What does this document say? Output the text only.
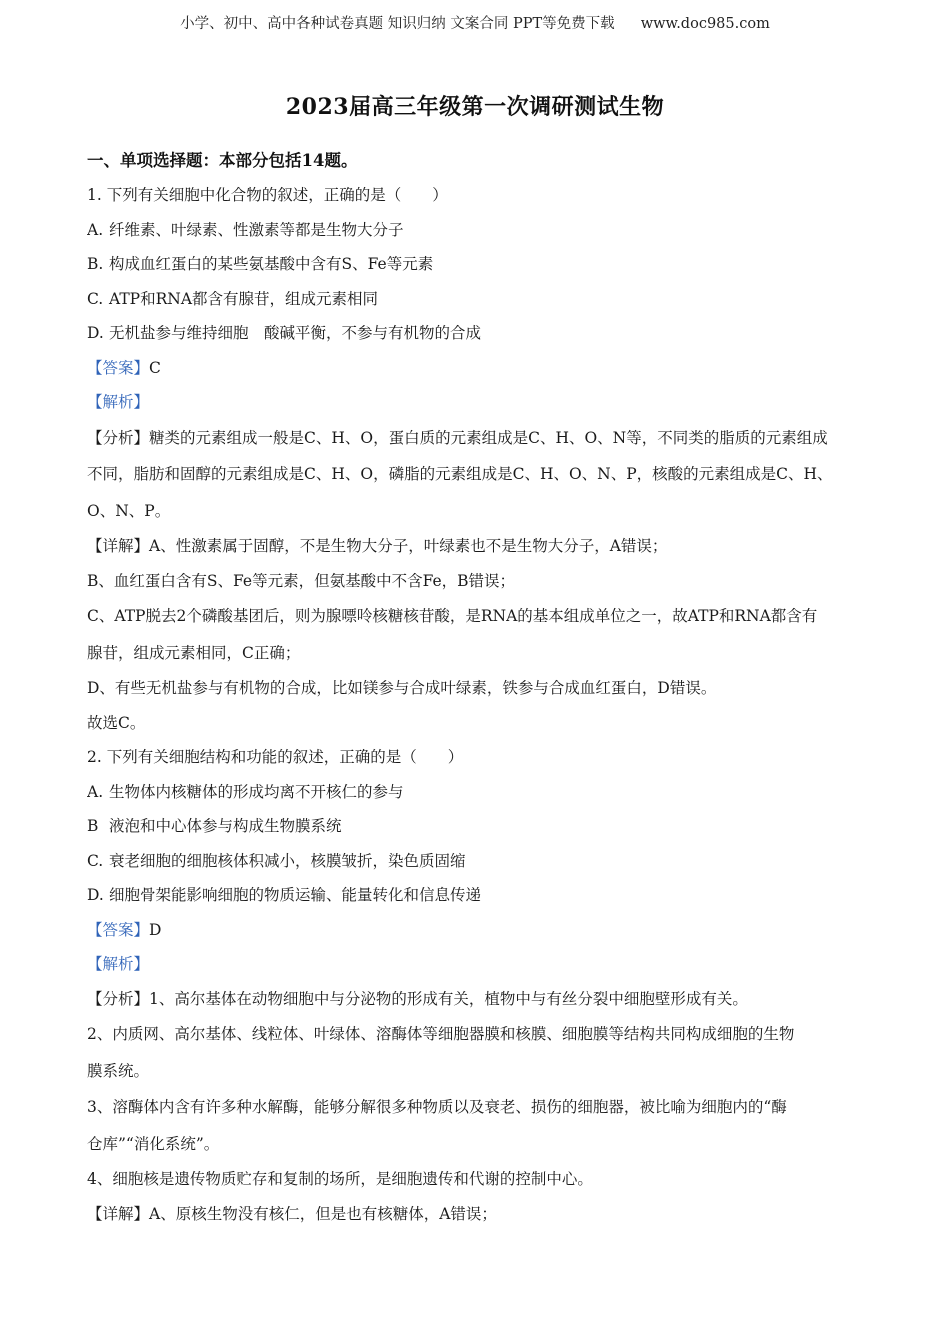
小学、初中、高中各种试卷真题 知识归纳 文案合同 PPT等免费下载 www.doc985.com
2023届高三年级第一次调研测试生物
一、单项选择题：本部分包括14题。
1. 下列有关细胞中化合物的叙述，正确的是（　　）
A. 纤维素、叶绿素、性激素等都是生物大分子
B. 构成血红蛋白的某些氨基酸中含有S、Fe等元素
C. ATP和RNA都含有腺苷，组成元素相同
D. 无机盐参与维持细胞　酸碱平衡，不参与有机物的合成
【答案】C
【解析】
【分析】糖类的元素组成一般是C、H、O，蛋白质的元素组成是C、H、O、N等，不同类的脂质的元素组成
不同，脂肪和固醇的元素组成是C、H、O，磷脂的元素组成是C、H、O、N、P，核酸的元素组成是C、H、
O、N、P。
【详解】A、性激素属于固醇，不是生物大分子，叶绿素也不是生物大分子，A错误；
B、血红蛋白含有S、Fe等元素，但氨基酸中不含Fe，B错误；
C、ATP脱去2个磷酸基团后，则为腺嘌呤核糖核苷酸，是RNA的基本组成单位之一，故ATP和RNA都含有
腺苷，组成元素相同，C正确；
D、有些无机盐参与有机物的合成，比如镁参与合成叶绿素，铁参与合成血红蛋白，D错误。
故选C。
2. 下列有关细胞结构和功能的叙述，正确的是（　　）
A. 生物体内核糖体的形成均离不开核仁的参与
B 液泡和中心体参与构成生物膜系统
C. 衰老细胞的细胞核体积减小，核膜皱折，染色质固缩
D. 细胞骨架能影响细胞的物质运输、能量转化和信息传递
【答案】D
【解析】
【分析】1、高尔基体在动物细胞中与分泌物的形成有关，植物中与有丝分裂中细胞壁形成有关。
2、内质网、高尔基体、线粒体、叶绿体、溶酶体等细胞器膜和核膜、细胞膜等结构共同构成细胞的生物
膜系统。
3、溶酶体内含有许多种水解酶，能够分解很多种物质以及衰老、损伤的细胞器，被比喻为细胞内的“酶
仓库”“消化系统”。
4、细胞核是遗传物质贮存和复制的场所，是细胞遗传和代谢的控制中心。
【详解】A、原核生物没有核仁，但是也有核糖体，A错误；
